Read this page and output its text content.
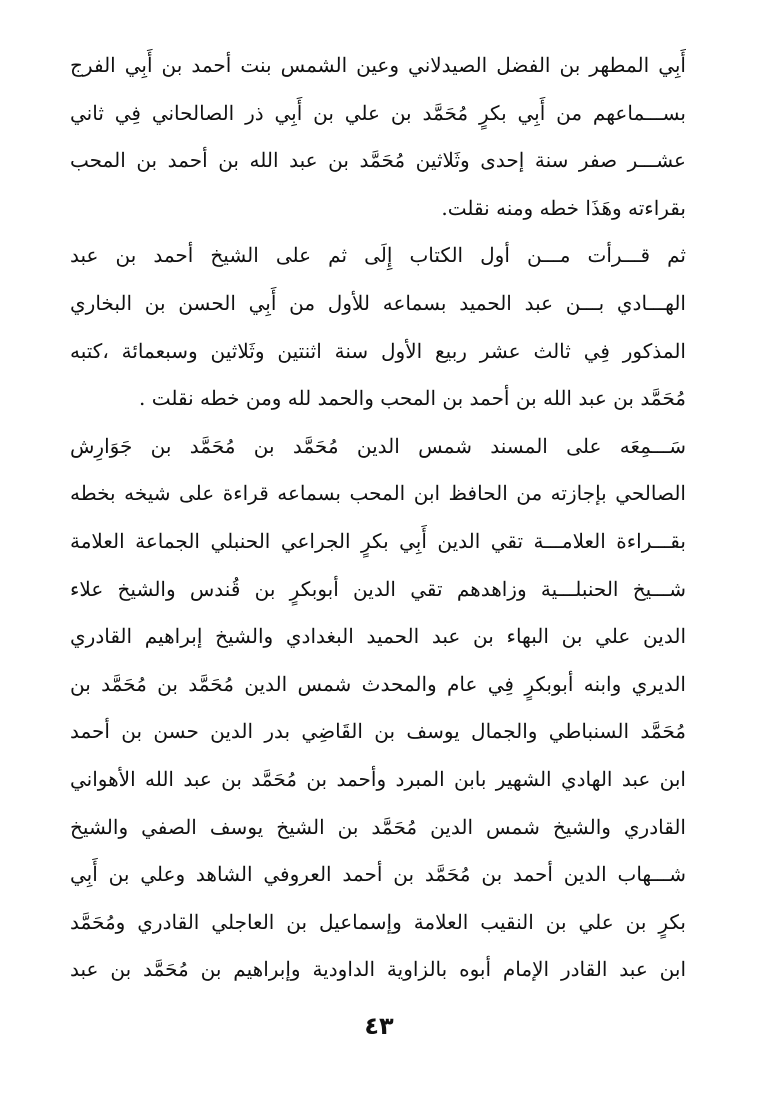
أَبِي المطهر بن الفضل الصيدلاني وعين الشمس بنت أحمد بن أَبِي الفرج
بســـماعهم من أَبِي بكرٍ مُحَمَّد بن علي بن أَبِي ذر الصالحاني فِي ثاني
عشـــر صفر سنة إحدى وثَلاثين مُحَمَّد بن عبد الله بن أحمد بن المحب
بقراءته وهَذَا خطه ومنه نقلت.
ثم قـــرأت مـــن أول الكتاب إِلَى ثم على الشيخ أحمد بن عبد
الهـــادي بـــن عبد الحميد بسماعه للأول من أَبِي الحسن بن البخاري
المذكور فِي ثالث عشر ربيع الأول سنة اثنتين وثَلاثين وسبعمائة ،كتبه
مُحَمَّد بن عبد الله بن أحمد بن المحب والحمد لله ومن خطه نقلت .
سَـــمِعَه على المسند شمس الدين مُحَمَّد بن مُحَمَّد بن جَوَارِش
الصالحي بإجازته من الحافظ ابن المحب بسماعه قراءة على شيخه بخطه
بقـــراءة العلامـــة تقي الدين أَبِي بكرٍ الجراعي الحنبلي الجماعة العلامة
شـــيخ الحنبلـــية وزاهدهم تقي الدين أبوبكرٍ بن قُندس والشيخ علاء
الدين علي بن البهاء بن عبد الحميد البغدادي والشيخ إبراهيم القادري
الديري وابنه أبوبكرٍ فِي عام والمحدث شمس الدين مُحَمَّد بن مُحَمَّد بن
مُحَمَّد السنباطي والجمال يوسف بن القَاضِي بدر الدين حسن بن أحمد
ابن عبد الهادي الشهير بابن المبرد وأحمد بن مُحَمَّد بن عبد الله الأهواني
القادري والشيخ شمس الدين مُحَمَّد بن الشيخ يوسف الصفي والشيخ
شـــهاب الدين أحمد بن مُحَمَّد بن أحمد العروفي الشاهد وعلي بن أَبِي
بكرٍ بن علي بن النقيب العلامة وإسماعيل بن العاجلي القادري ومُحَمَّد
ابن عبد القادر الإمام أبوه بالزاوية الداودية وإبراهيم بن مُحَمَّد بن عبد
٤٣
